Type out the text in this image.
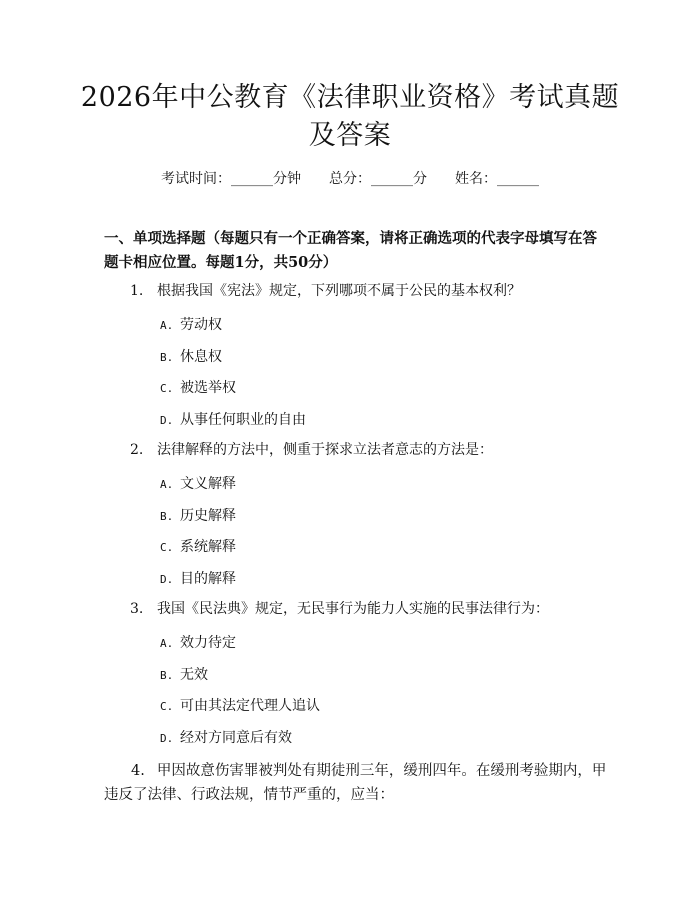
2026年中公教育《法律职业资格》考试真题
及答案
考试时间：______分钟 总分：______分 姓名：______
一、单项选择题（每题只有一个正确答案，请将正确选项的代表字母填写在答题卡相应位置。每题1分，共50分）
1. 根据我国《宪法》规定，下列哪项不属于公民的基本权利？
A. 劳动权
B. 休息权
C. 被选举权
D. 从事任何职业的自由
2. 法律解释的方法中，侧重于探求立法者意志的方法是：
A. 文义解释
B. 历史解释
C. 系统解释
D. 目的解释
3. 我国《民法典》规定，无民事行为能力人实施的民事法律行为：
A. 效力待定
B. 无效
C. 可由其法定代理人追认
D. 经对方同意后有效
4. 甲因故意伤害罪被判处有期徒刑三年，缓刑四年。在缓刑考验期内，甲违反了法律、行政法规，情节严重的，应当：
